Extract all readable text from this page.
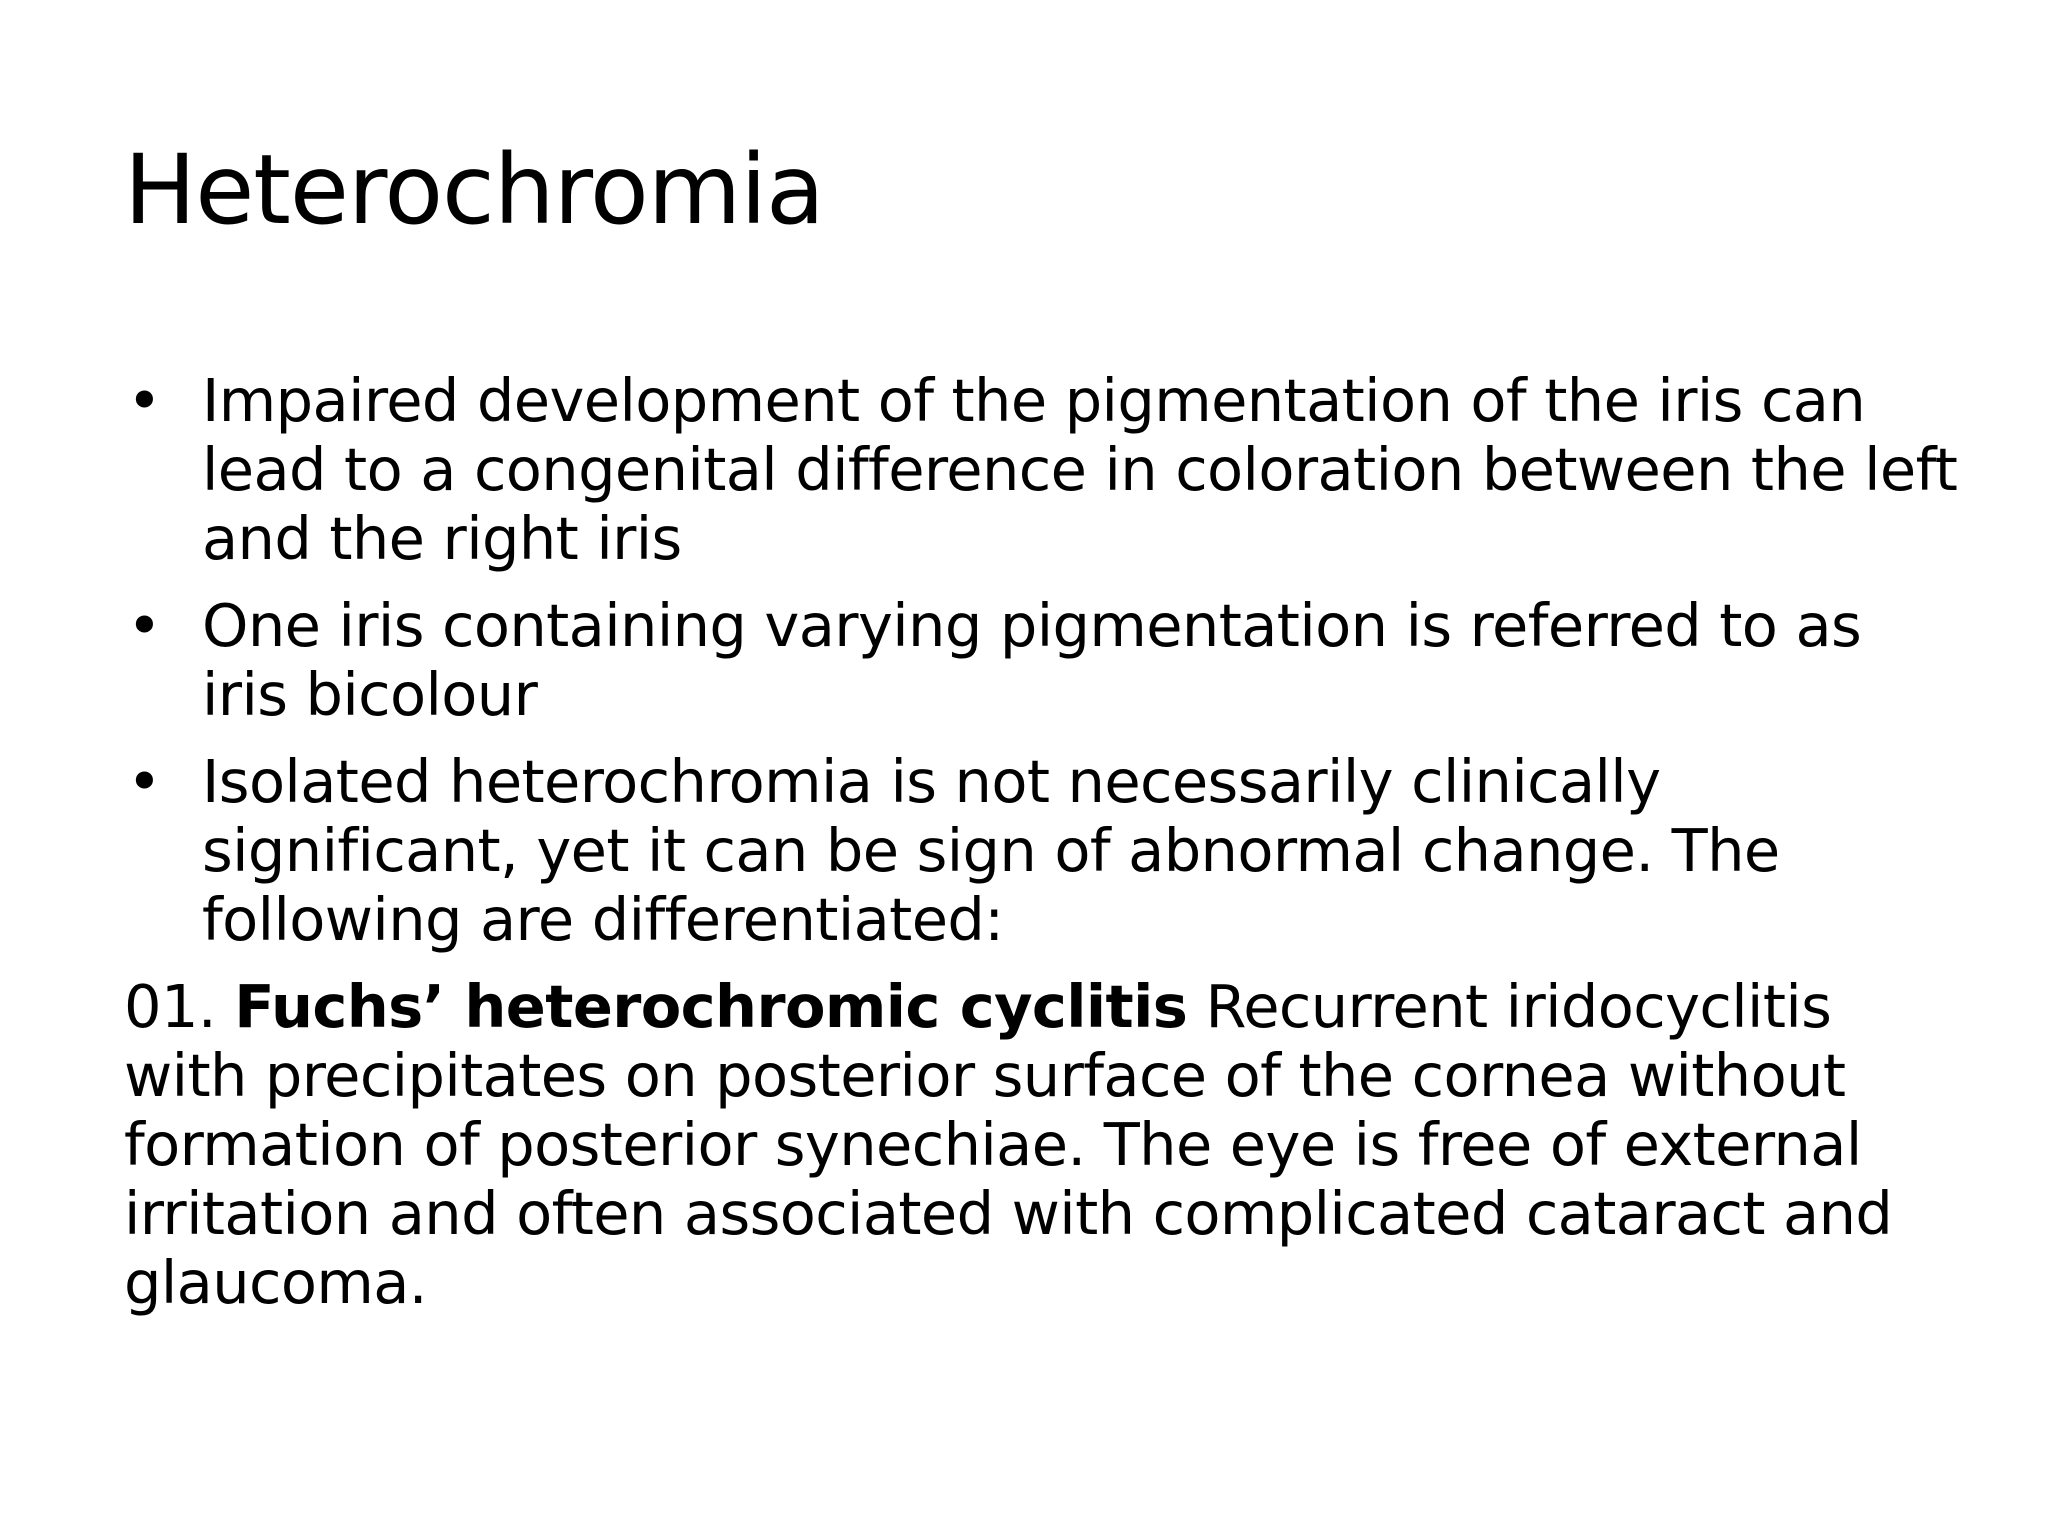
Heterochromia
• Impaired development of the pigmentation of the iris can lead to a congenital difference in coloration between the left and the right iris
• One iris containing varying pigmentation is referred to as iris bicolour
• Isolated heterochromia is not necessarily clinically significant, yet it can be sign of abnormal change. The following are differentiated:

01. Fuchs’ heterochromic cyclitis Recurrent iridocyclitis with precipitates on posterior surface of the cornea without formation of posterior synechiae. The eye is free of external irritation and often associated with complicated cataract and glaucoma.
